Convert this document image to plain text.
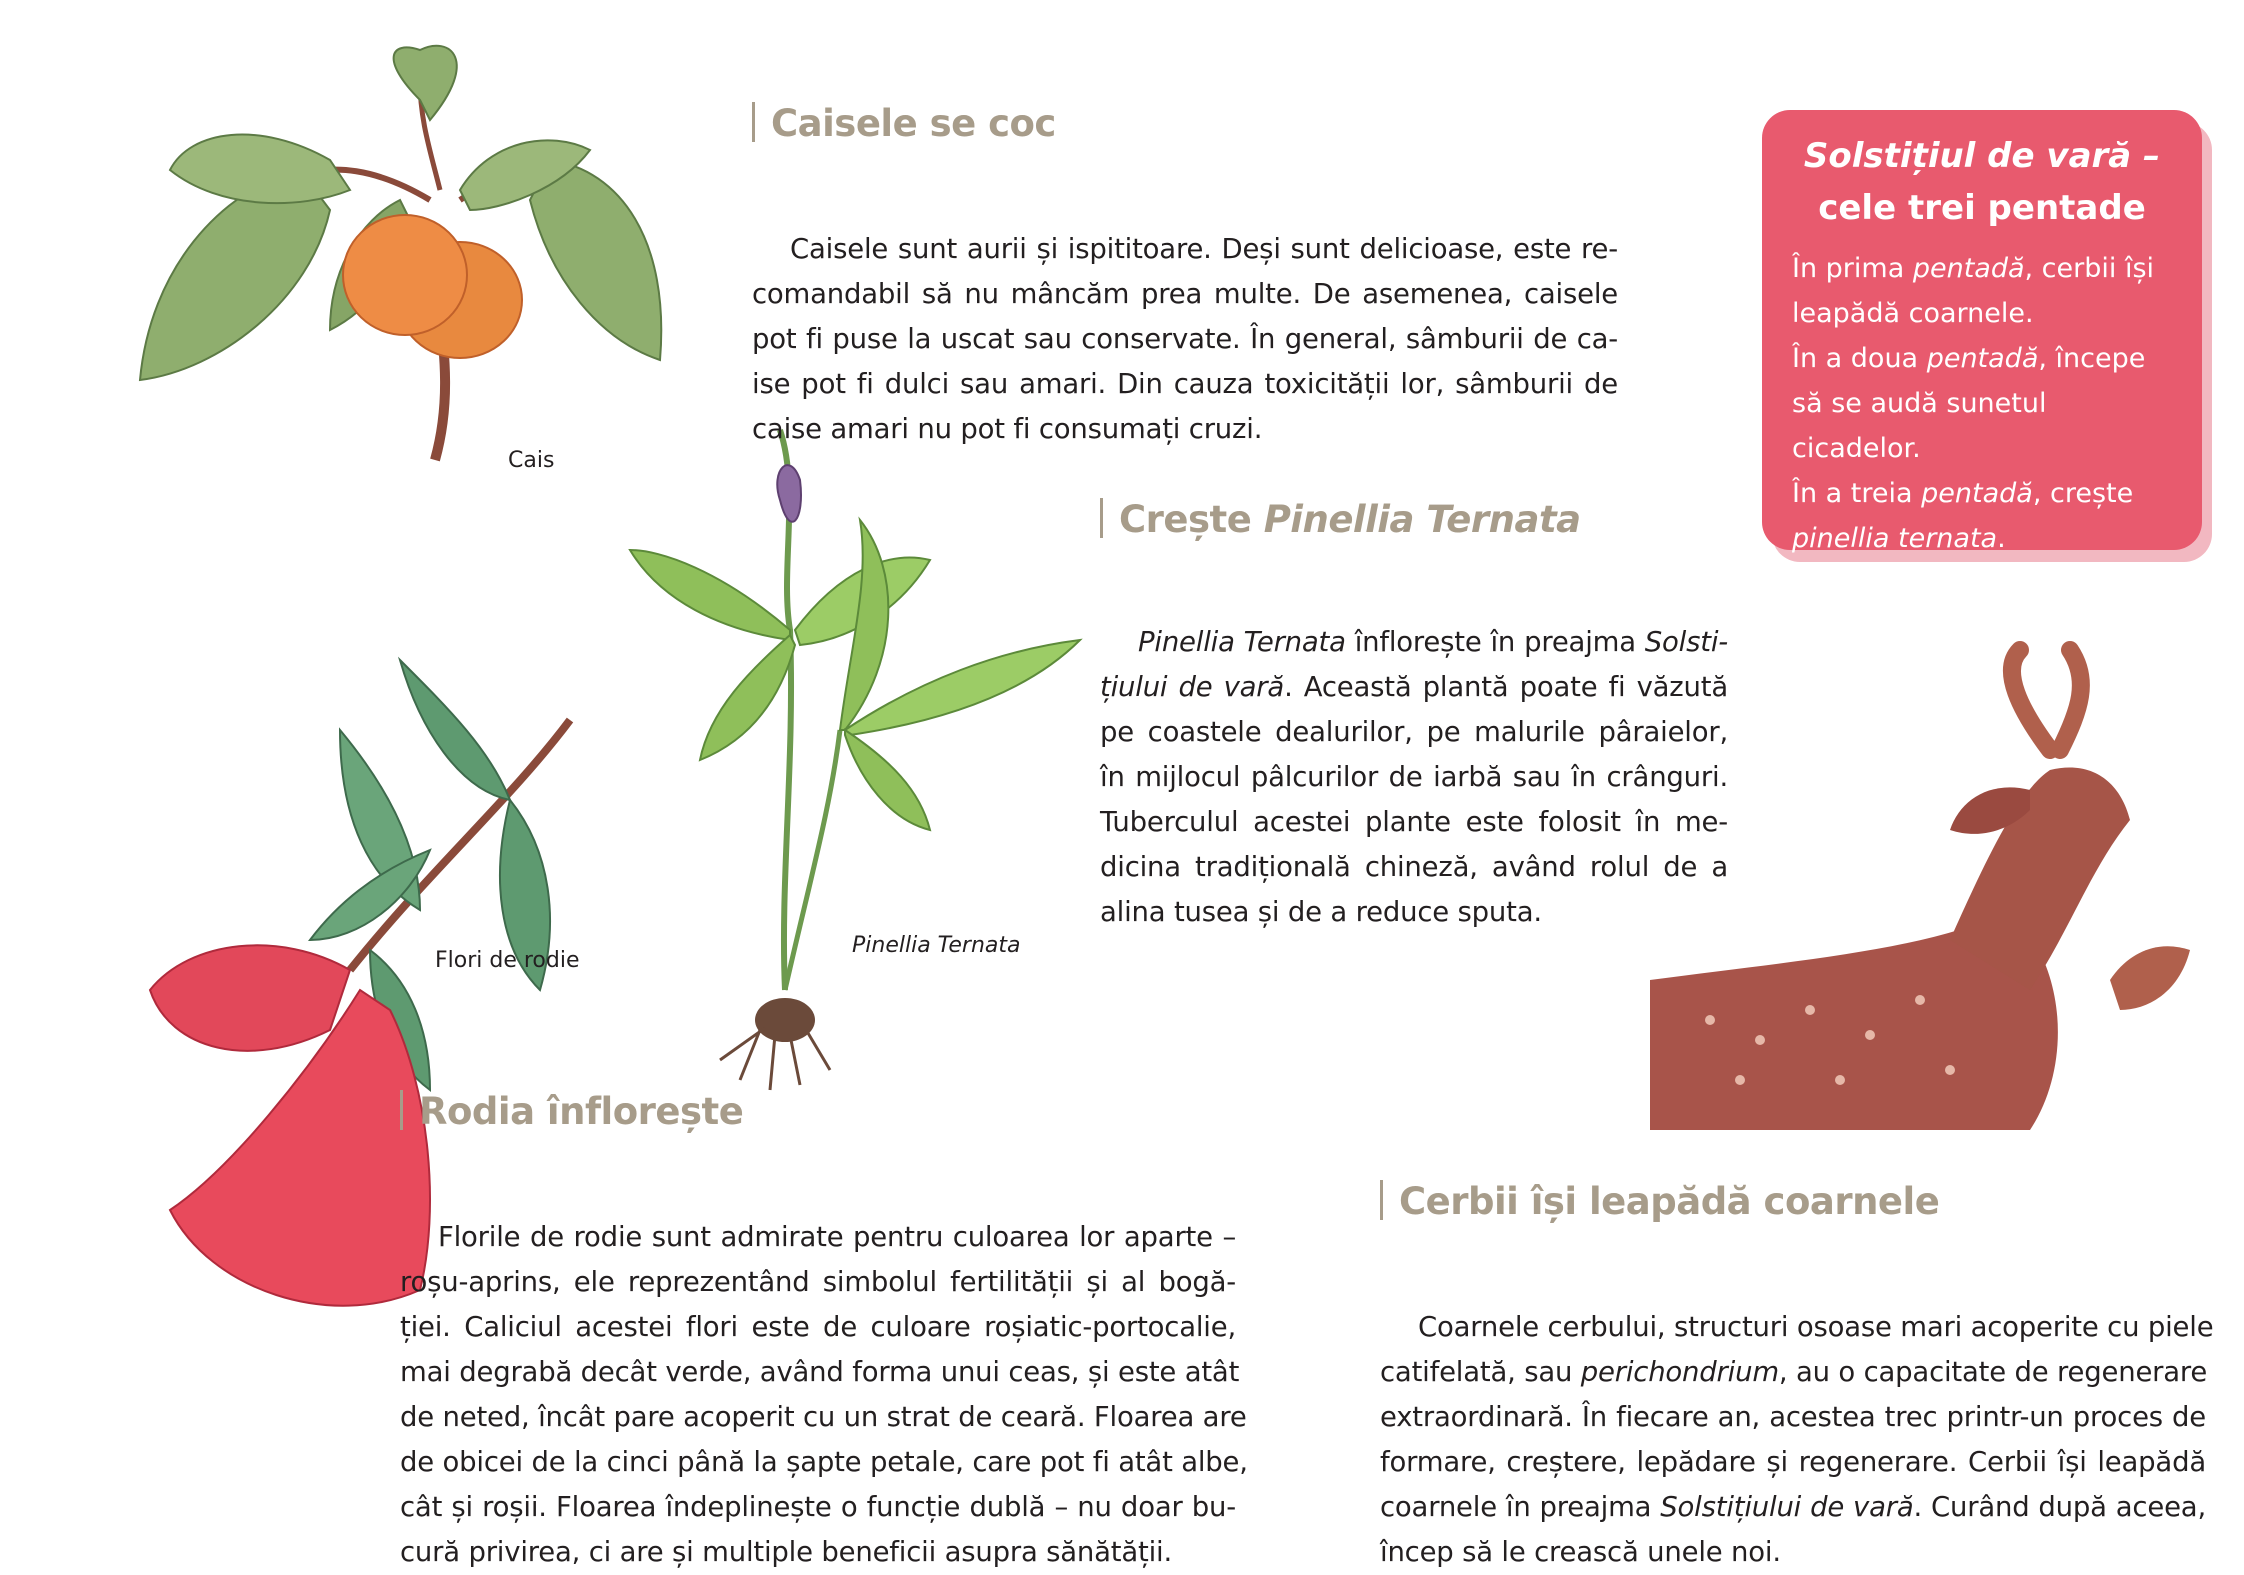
Caisele se coc
Caisele sunt aurii și ispititoare. Deși sunt delicioase, este re-
comandabil să nu mâncăm prea multe. De asemenea, caisele
pot fi puse la uscat sau conservate. În general, sâmburii de ca-
ise pot fi dulci sau amari. Din cauza toxicității lor, sâmburii de
caise amari nu pot fi consumați cruzi.
Cais
Crește Pinellia Ternata
Pinellia Ternata înflorește în preajma Solsti-
țiului de vară. Această plantă poate fi văzută
pe coastele dealurilor, pe malurile pâraielor,
în mijlocul pâlcurilor de iarbă sau în crânguri.
Tuberculul acestei plante este folosit în me-
dicina tradițională chineză, având rolul de a
alina tusea și de a reduce sputa.
Pinellia Ternata
Flori de rodie
Rodia înflorește
Florile de rodie sunt admirate pentru culoarea lor aparte –
roșu-aprins, ele reprezentând simbolul fertilității și al bogă-
ției. Caliciul acestei flori este de culoare roșiatic-portocalie,
mai degrabă decât verde, având forma unui ceas, și este atât
de neted, încât pare acoperit cu un strat de ceară. Floarea are
de obicei de la cinci până la șapte petale, care pot fi atât albe,
cât și roșii. Floarea îndeplinește o funcție dublă – nu doar bu-
cură privirea, ci are și multiple beneficii asupra sănătății.
Cerbii își leapădă coarnele
Coarnele cerbului, structuri osoase mari acoperite cu piele
catifelată, sau perichondrium, au o capacitate de regenerare
extraordinară. În fiecare an, acestea trec printr-un proces de
formare, creștere, lepădare și regenerare. Cerbii își leapădă
coarnele în preajma Solstițiului de vară. Curând după aceea,
încep să le crească unele noi.
Solstițiul de vară –
cele trei pentade
În prima pentadă, cerbii își leapădă coarnele.
În a doua pentadă, începe să se audă sunetul cicadelor.
În a treia pentadă, crește pinellia ternata.
